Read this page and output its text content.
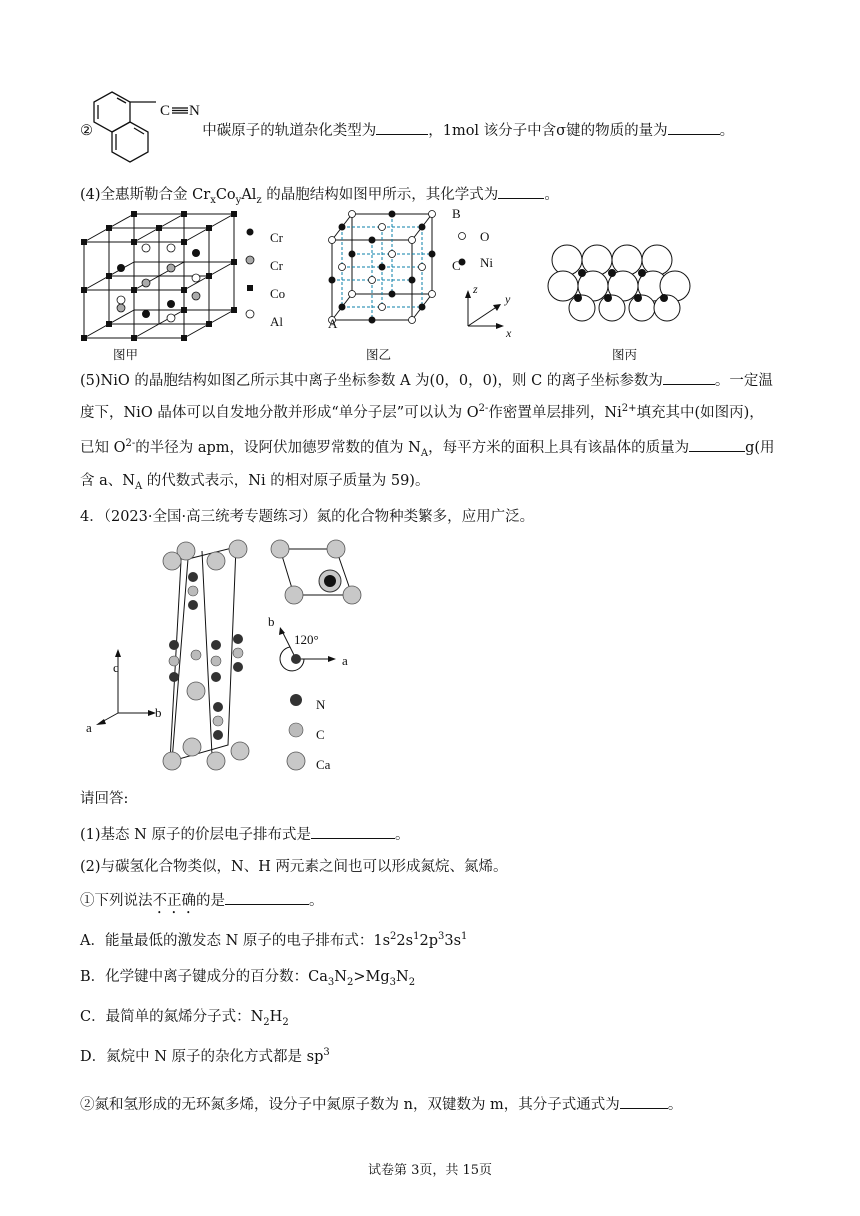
C N
②	中碳原子的轨道杂化类型为	，1mol 该分子中含σ键的物质的量为	。
(4)全惠斯勒合金 $Cr_xCo_yAl_z$ 的晶胞结构如图甲所示，其化学式为	。
Cr
Cr
Co
Al	A
B
C
O
Ni
z
y
x
图甲	图乙	图丙
(5)NiO 的晶胞结构如图乙所示其中离子坐标参数 A 为(0，0，0)，则 C 的离子坐标参数为	。一定温
度下，NiO 晶体可以自发地分散并形成“单分子层”可以认为 $O^{2-}$作密置单层排列，$Ni^{2+}$填充其中(如图丙)，
已知 $O^{2-}$的半径为 apm，设阿伏加德罗常数的值为 $N_A$，每平方米的面积上具有该晶体的质量为	g(用
含 a、$N_A$ 的代数式表示，Ni 的相对原子质量为 59)。
4．（2023·全国·高三统考专题练习）氮的化合物种类繁多，应用广泛。
c
a
b
b
a
120°
N
C
Ca
请回答:
(1)基态 N 原子的价层电子排布式是	。
(2)与碳氢化合物类似，N、H 两元素之间也可以形成氮烷、氮烯。
①下列说法不正确的是	。
A．能量最低的激发态 N 原子的电子排布式：$1s^22s^12p^33s^1$
B．化学键中离子键成分的百分数：$Ca_3N_2>Mg_3N_2$
C．最简单的氮烯分子式：$N_2H_2$
D．氮烷中 N 原子的杂化方式都是 $sp^3$
②氮和氢形成的无环氮多烯，设分子中氮原子数为 n，双键数为 m，其分子式通式为	。
试卷第 3页，共 15页
